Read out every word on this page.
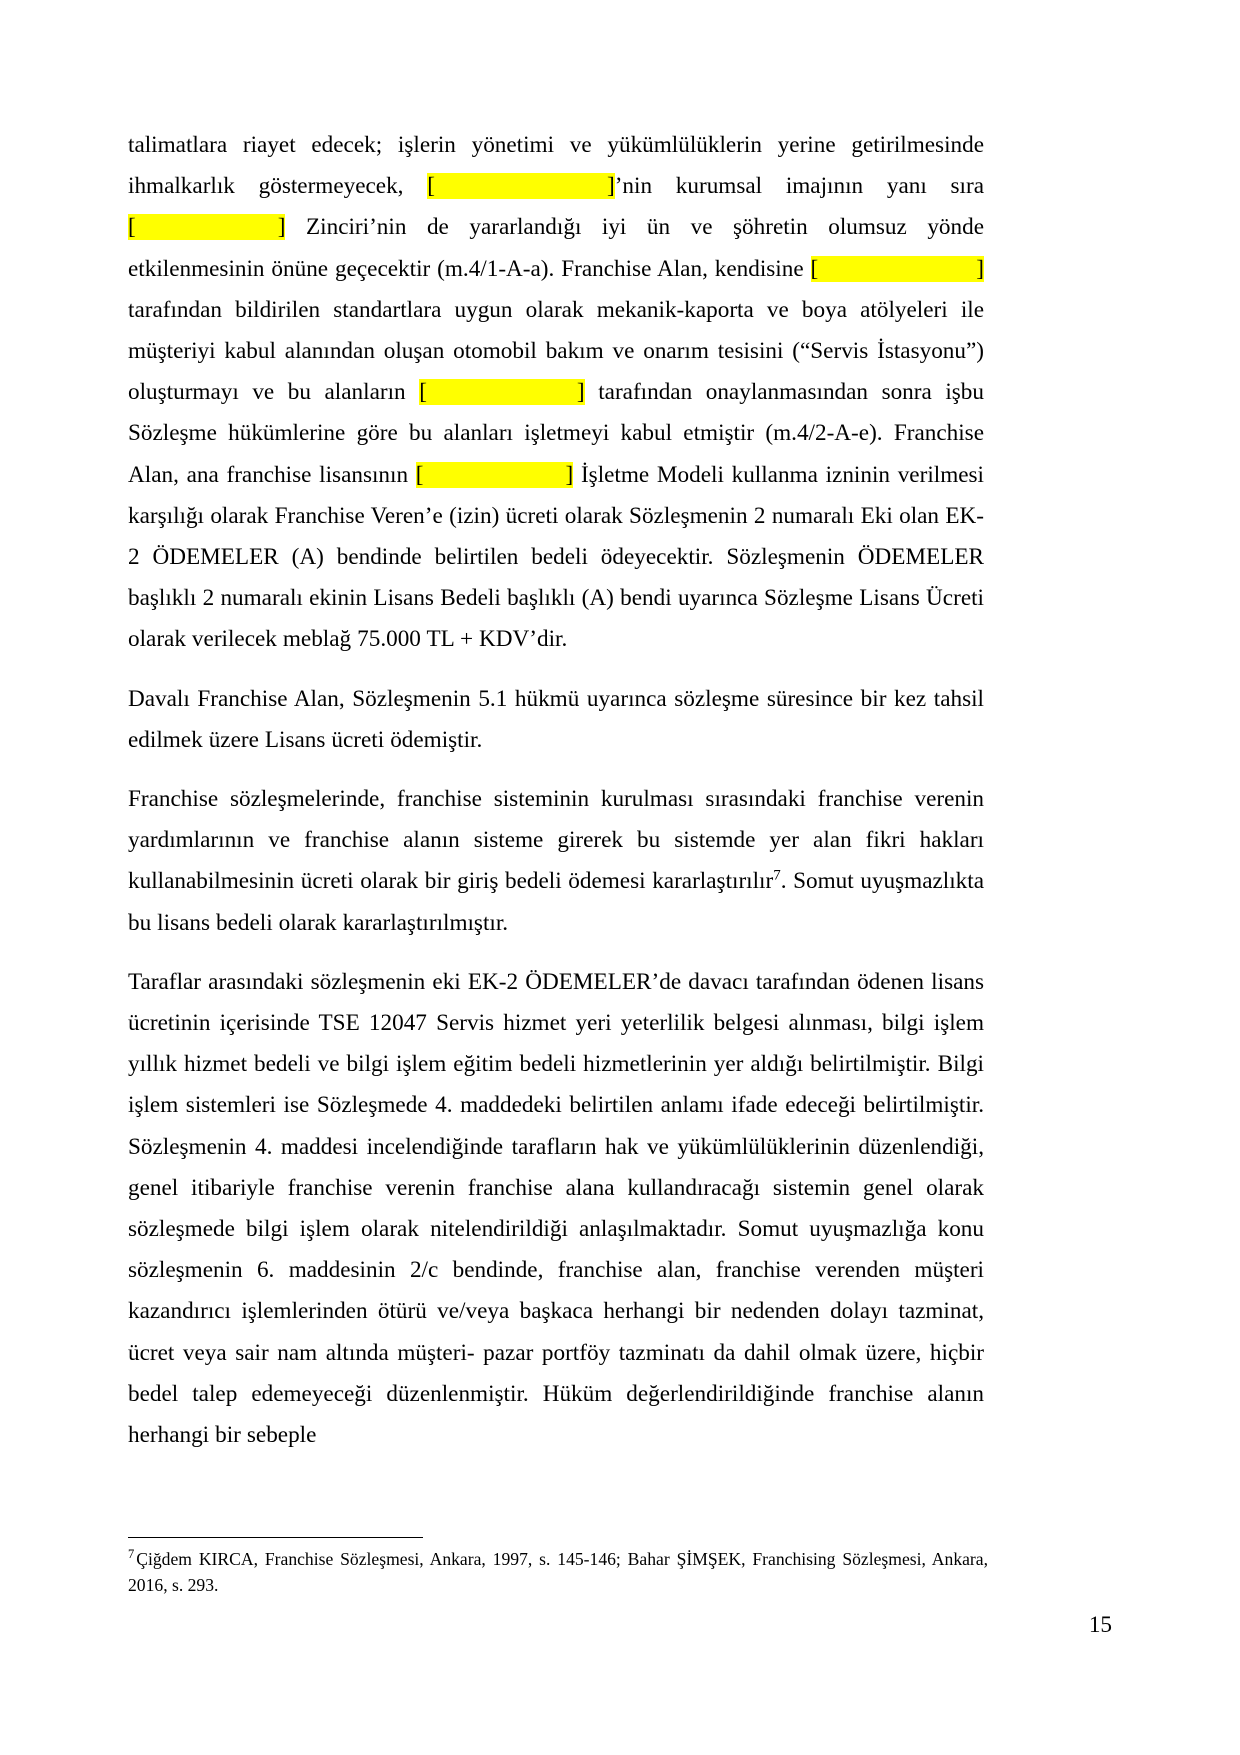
talimatlara riayet edecek; işlerin yönetimi ve yükümlülüklerin yerine getirilmesinde ihmalkarlık göstermeyecek, [	]’nin kurumsal imajının yanı sıra [	] Zinciri’nin de yararlandığı iyi ün ve şöhretin olumsuz yönde etkilenmesinin önüne geçecektir (m.4/1-A-a). Franchise Alan, kendisine [	] tarafından bildirilen standartlara uygun olarak mekanik-kaporta ve boya atölyeleri ile müşteriyi kabul alanından oluşan otomobil bakım ve onarım tesisini (“Servis İstasyonu”) oluşturmayı ve bu alanların [	] tarafından onaylanmasından sonra işbu Sözleşme hükümlerine göre bu alanları işletmeyi kabul etmiştir (m.4/2-A-e). Franchise Alan, ana franchise lisansının [	] İşletme Modeli kullanma izninin verilmesi karşılığı olarak Franchise Veren’e (izin) ücreti olarak Sözleşmenin 2 numaralı Eki olan EK-2 ÖDEMELER (A) bendinde belirtilen bedeli ödeyecektir. Sözleşmenin ÖDEMELER başlıklı 2 numaralı ekinin Lisans Bedeli başlıklı (A) bendi uyarınca Sözleşme Lisans Ücreti olarak verilecek meblağ 75.000 TL + KDV’dir.

Davalı Franchise Alan, Sözleşmenin 5.1 hükmü uyarınca sözleşme süresince bir kez tahsil edilmek üzere Lisans ücreti ödemiştir.

Franchise sözleşmelerinde, franchise sisteminin kurulması sırasındaki franchise verenin yardımlarının ve franchise alanın sisteme girerek bu sistemde yer alan fikri hakları kullanabilmesinin ücreti olarak bir giriş bedeli ödemesi kararlaştırılır$^7$. Somut uyuşmazlıkta bu lisans bedeli olarak kararlaştırılmıştır.

Taraflar arasındaki sözleşmenin eki EK-2 ÖDEMELER’de davacı tarafından ödenen lisans ücretinin içerisinde TSE 12047 Servis hizmet yeri yeterlilik belgesi alınması, bilgi işlem yıllık hizmet bedeli ve bilgi işlem eğitim bedeli hizmetlerinin yer aldığı belirtilmiştir. Bilgi işlem sistemleri ise Sözleşmede 4. maddedeki belirtilen anlamı ifade edeceği belirtilmiştir. Sözleşmenin 4. maddesi incelendiğinde tarafların hak ve yükümlülüklerinin düzenlendiği, genel itibariyle franchise verenin franchise alana kullandıracağı sistemin genel olarak sözleşmede bilgi işlem olarak nitelendirildiği anlaşılmaktadır. Somut uyuşmazlığa konu sözleşmenin 6. maddesinin 2/c bendinde, franchise alan, franchise verenden müşteri kazandırıcı işlemlerinden ötürü ve/veya başkaca herhangi bir nedenden dolayı tazminat, ücret veya sair nam altında müşteri- pazar portföy tazminatı da dahil olmak üzere, hiçbir bedel talep edemeyeceği düzenlenmiştir. Hüküm değerlendirildiğinde franchise alanın herhangi bir sebeple

$^7$ Çiğdem KIRCA, Franchise Sözleşmesi, Ankara, 1997, s. 145-146; Bahar ŞİMŞEK, Franchising Sözleşmesi, Ankara, 2016, s. 293.

15
